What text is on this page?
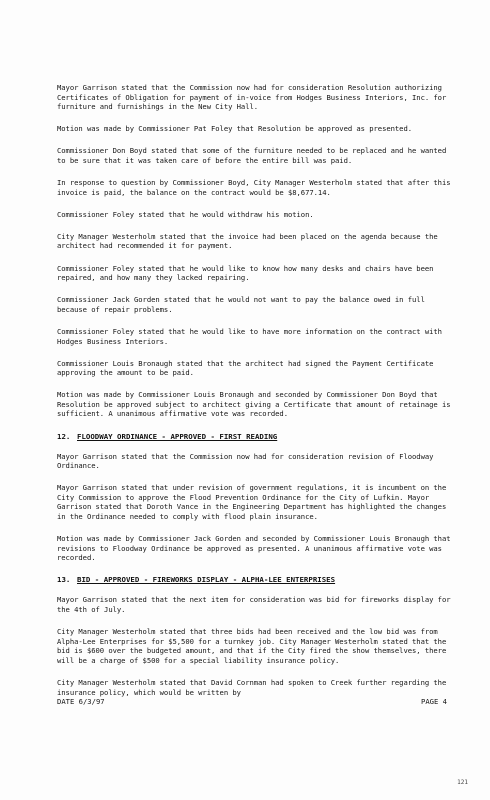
Mayor Garrison stated that the Commission now had for consideration Resolution authorizing Certificates of Obligation for payment of in-voice from Hodges Business Interiors, Inc. for furniture and furnishings in the New City Hall.

Motion was made by Commissioner Pat Foley that Resolution be approved as presented.

Commissioner Don Boyd stated that some of the furniture needed to be replaced and he wanted to be sure that it was taken care of before the entire bill was paid.

In response to question by Commissioner Boyd, City Manager Westerholm stated that after this invoice is paid, the balance on the contract would be $8,677.14.

Commissioner Foley stated that he would withdraw his motion.

City Manager Westerholm stated that the invoice had been placed on the agenda because the architect had recommended it for payment.

Commissioner Foley stated that he would like to know how many desks and chairs have been repaired, and how many they lacked repairing.

Commissioner Jack Gorden stated that he would not want to pay the balance owed in full because of repair problems.

Commissioner Foley stated that he would like to have more information on the contract with Hodges Business Interiors.

Commissioner Louis Bronaugh stated that the architect had signed the Payment Certificate approving the amount to be paid.

Motion was made by Commissioner Louis Bronaugh and seconded by Commissioner Don Boyd that Resolution be approved subject to architect giving a Certificate that amount of retainage is sufficient. A unanimous affirmative vote was recorded.

12. FLOODWAY ORDINANCE - APPROVED - FIRST READING

Mayor Garrison stated that the Commission now had for consideration revision of Floodway Ordinance.

Mayor Garrison stated that under revision of government regulations, it is incumbent on the City Commission to approve the Flood Prevention Ordinance for the City of Lufkin. Mayor Garrison stated that Doroth Vance in the Engineering Department has highlighted the changes in the Ordinance needed to comply with flood plain insurance.

Motion was made by Commissioner Jack Gorden and seconded by Commissioner Louis Bronaugh that revisions to Floodway Ordinance be approved as presented. A unanimous affirmative vote was recorded.

13. BID - APPROVED - FIREWORKS DISPLAY - ALPHA-LEE ENTERPRISES

Mayor Garrison stated that the next item for consideration was bid for fireworks display for the 4th of July.

City Manager Westerholm stated that three bids had been received and the low bid was from Alpha-Lee Enterprises for $5,500 for a turnkey job. City Manager Westerholm stated that the bid is $600 over the budgeted amount, and that if the City fired the show themselves, there will be a charge of $500 for a special liability insurance policy.

City Manager Westerholm stated that David Cornman had spoken to Creek further regarding the insurance policy, which would be written by

DATE 6/3/97	PAGE 4
121
